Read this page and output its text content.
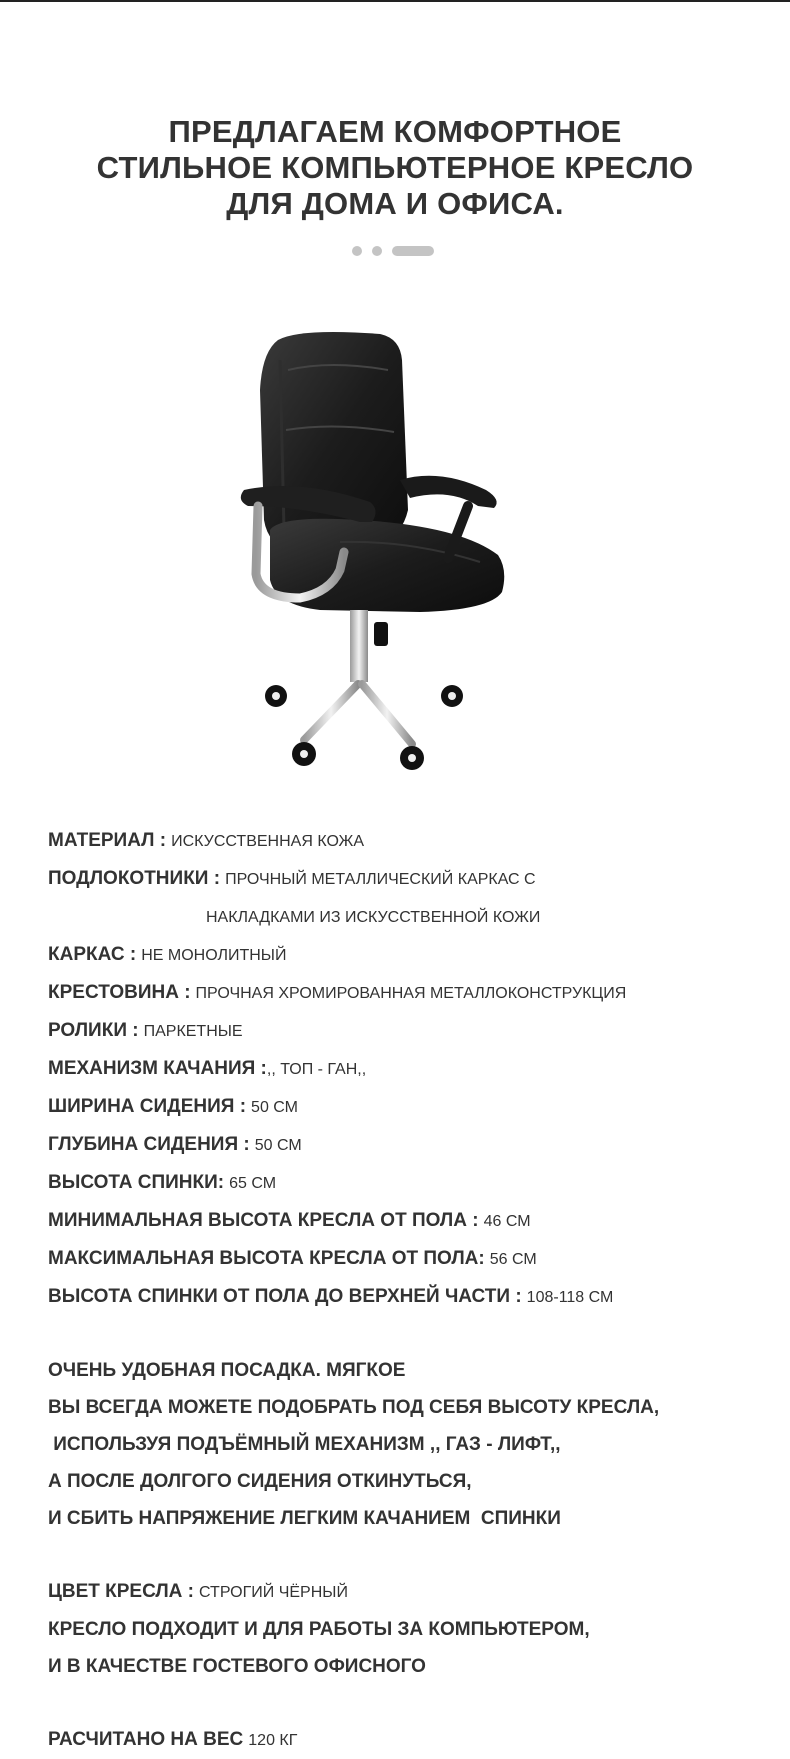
ПРЕДЛАГАЕМ КОМФОРТНОЕ
СТИЛЬНОЕ КОМПЬЮТЕРНОЕ КРЕСЛО
ДЛЯ ДОМА И ОФИСА.
МАТЕРИАЛ : ИСКУССТВЕННАЯ КОЖА
ПОДЛОКОТНИКИ : ПРОЧНЫЙ МЕТАЛЛИЧЕСКИЙ КАРКАС С
НАКЛАДКАМИ ИЗ ИСКУССТВЕННОЙ КОЖИ
КАРКАС : НЕ МОНОЛИТНЫЙ
КРЕСТОВИНА : ПРОЧНАЯ ХРОМИРОВАННАЯ МЕТАЛЛОКОНСТРУКЦИЯ
РОЛИКИ : ПАРКЕТНЫЕ
МЕХАНИЗМ КАЧАНИЯ :,, ТОП - ГАН,,
ШИРИНА СИДЕНИЯ : 50 СМ
ГЛУБИНА СИДЕНИЯ : 50 СМ
ВЫСОТА СПИНКИ: 65 СМ
МИНИМАЛЬНАЯ ВЫСОТА КРЕСЛА ОТ ПОЛА : 46 СМ
МАКСИМАЛЬНАЯ ВЫСОТА КРЕСЛА ОТ ПОЛА: 56 СМ
ВЫСОТА СПИНКИ ОТ ПОЛА ДО ВЕРХНЕЙ ЧАСТИ : 108-118 СМ
ОЧЕНЬ УДОБНАЯ ПОСАДКА. МЯГКОЕ
ВЫ ВСЕГДА МОЖЕТЕ ПОДОБРАТЬ ПОД СЕБЯ ВЫСОТУ КРЕСЛА,
ИСПОЛЬЗУЯ ПОДЪЁМНЫЙ МЕХАНИЗМ ,, ГАЗ - ЛИФТ,,
А ПОСЛЕ ДОЛГОГО СИДЕНИЯ ОТКИНУТЬСЯ,
И СБИТЬ НАПРЯЖЕНИЕ ЛЕГКИМ КАЧАНИЕМ  СПИНКИ
ЦВЕТ КРЕСЛА : СТРОГИЙ ЧЁРНЫЙ
КРЕСЛО ПОДХОДИТ И ДЛЯ РАБОТЫ ЗА КОМПЬЮТЕРОМ,
И В КАЧЕСТВЕ ГОСТЕВОГО ОФИСНОГО
РАСЧИТАНО НА ВЕС 120 КГ
